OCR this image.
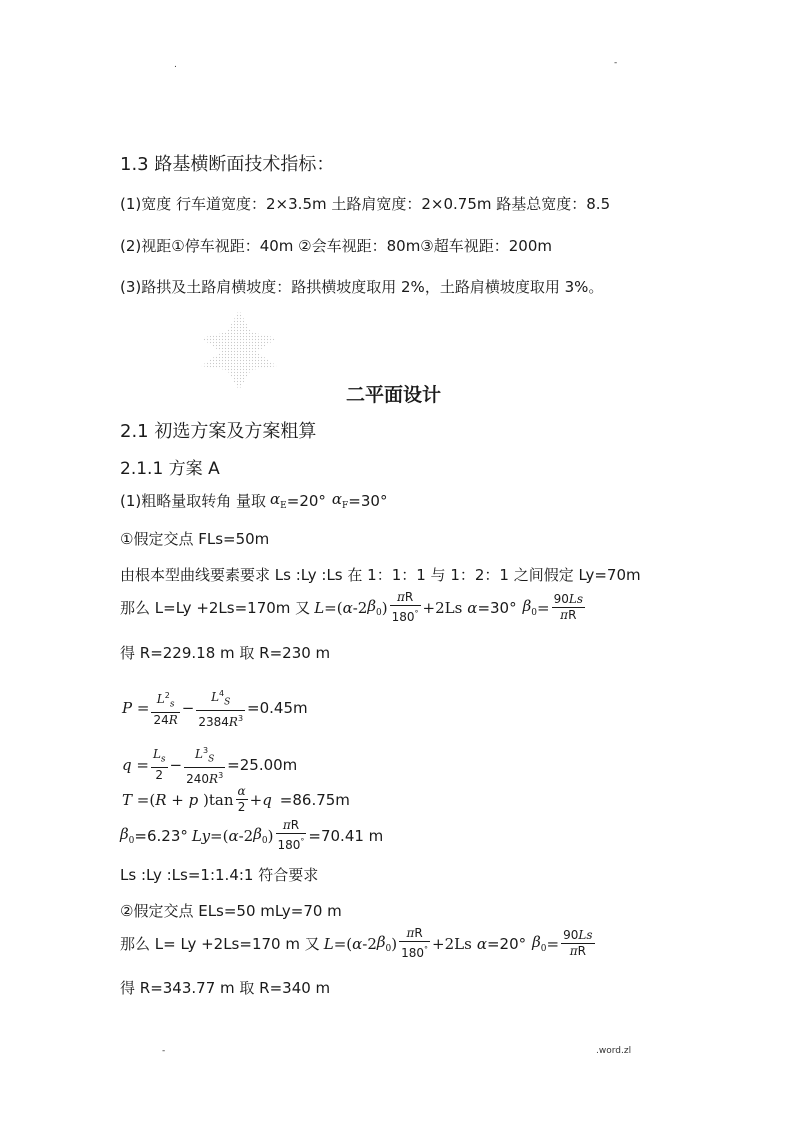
.	-
1.3 路基横断面技术指标：
(1)宽度 行车道宽度：2×3.5m 土路肩宽度：2×0.75m 路基总宽度：8.5
(2)视距①停车视距：40m ②会车视距：80m③超车视距：200m
(3)路拱及土路肩横坡度：路拱横坡度取用 2%，土路肩横坡度取用 3%。
二平面设计
2.1 初选方案及方案粗算
2.1.1 方案 A
(1)粗略量取转角 量取 $\alpha_E =20^\circ$ $\alpha_F =30^\circ$
①假定交点 FLs=50m
由根本型曲线要素要求 Ls :Ly :Ls 在 1：1：1 与 1：2：1 之间假定 Ly=70m
那么 L=Ly +2Ls=170m 又 L =( α -2 $\beta_0$ ) $\frac{\pi R}{180^\circ} +2Ls$ α =30° $\beta_0 = \frac{90Ls}{\pi R}$
得 R=229.18 m 取 R=230 m
$P = \frac{L^2_s}{24R} - \frac{L^4_S}{2384R^3} =0.45m$
$q = \frac{L_s}{2} - \frac{L^3_S}{240R^3} =25.00m$
T =( R + p )$\tan \frac{\alpha}{2} + q =86.75m$
$\beta_0 =6.23^\circ$ Ly =( α -2 $\beta_0$ ) $\frac{\pi R}{180^\circ} =70.41$ m
Ls :Ly :Ls=1:1.4:1 符合要求
②假定交点 ELs=50 mLy=70 m
那么 L= Ly +2Ls=170 m 又 L =( α -2 $\beta_0$ ) $\frac{\pi R}{180^\circ} +2Ls$ α =20° $\beta_0 = \frac{90Ls}{\pi R}$
得 R=343.77 m 取 R=340 m
-	.word.zl
